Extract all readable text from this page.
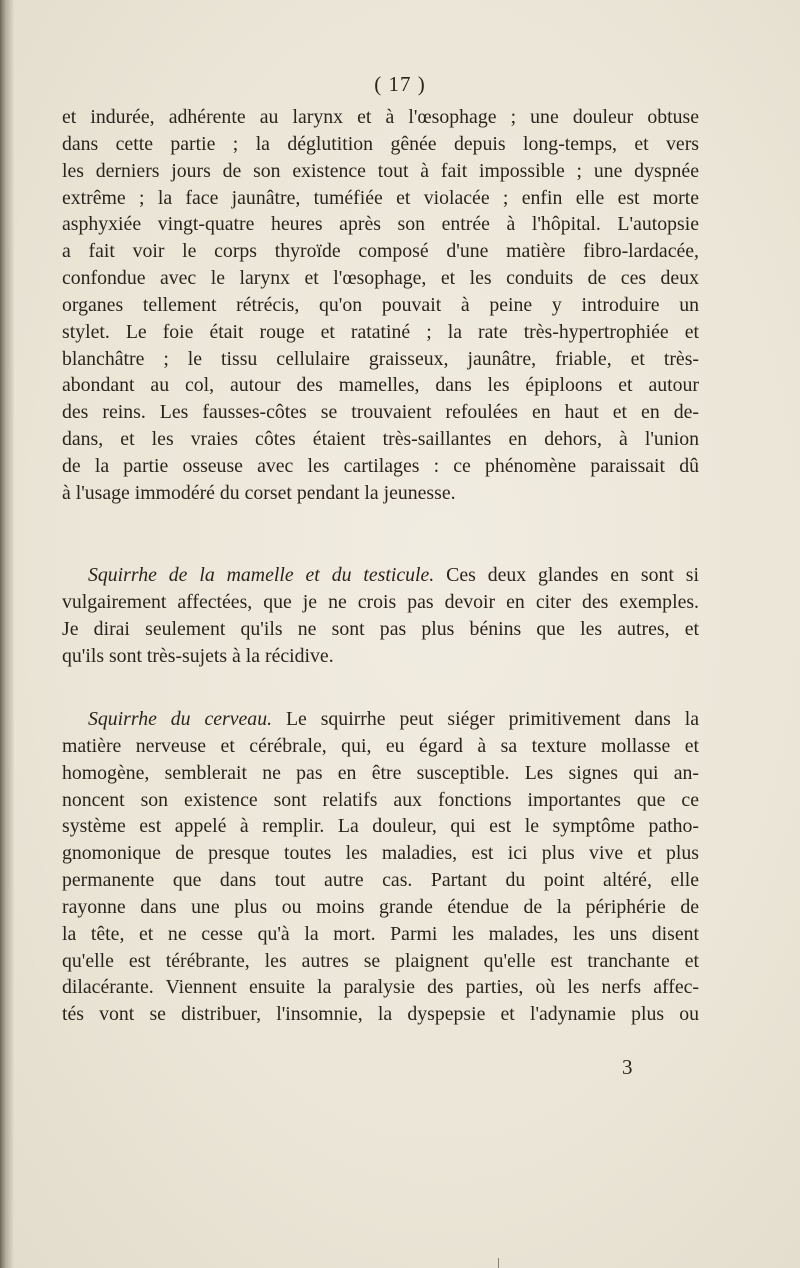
( 17 )
et indurée, adhérente au larynx et à l'œsophage ; une douleur obtuse
dans cette partie ; la déglutition gênée depuis long-temps, et vers
les derniers jours de son existence tout à fait impossible ; une dyspnée
extrême ; la face jaunâtre, tuméfiée et violacée ; enfin elle est morte
asphyxiée vingt-quatre heures après son entrée à l'hôpital. L'autopsie
a fait voir le corps thyroïde composé d'une matière fibro-lardacée,
confondue avec le larynx et l'œsophage, et les conduits de ces deux
organes tellement rétrécis, qu'on pouvait à peine y introduire un
stylet. Le foie était rouge et ratatiné ; la rate très-hypertrophiée et
blanchâtre ; le tissu cellulaire graisseux, jaunâtre, friable, et très-
abondant au col, autour des mamelles, dans les épiploons et autour
des reins. Les fausses-côtes se trouvaient refoulées en haut et en de-
dans, et les vraies côtes étaient très-saillantes en dehors, à l'union
de la partie osseuse avec les cartilages : ce phénomène paraissait dû
à l'usage immodéré du corset pendant la jeunesse.
Squirrhe de la mamelle et du testicule. Ces deux glandes en sont si
vulgairement affectées, que je ne crois pas devoir en citer des exemples.
Je dirai seulement qu'ils ne sont pas plus bénins que les autres, et
qu'ils sont très-sujets à la récidive.
Squirrhe du cerveau. Le squirrhe peut siéger primitivement dans la
matière nerveuse et cérébrale, qui, eu égard à sa texture mollasse et
homogène, semblerait ne pas en être susceptible. Les signes qui an-
noncent son existence sont relatifs aux fonctions importantes que ce
système est appelé à remplir. La douleur, qui est le symptôme patho-
gnomonique de presque toutes les maladies, est ici plus vive et plus
permanente que dans tout autre cas. Partant du point altéré, elle
rayonne dans une plus ou moins grande étendue de la périphérie de
la tête, et ne cesse qu'à la mort. Parmi les malades, les uns disent
qu'elle est térébrante, les autres se plaignent qu'elle est tranchante et
dilacérante. Viennent ensuite la paralysie des parties, où les nerfs affec-
tés vont se distribuer, l'insomnie, la dyspepsie et l'adynamie plus ou
3
